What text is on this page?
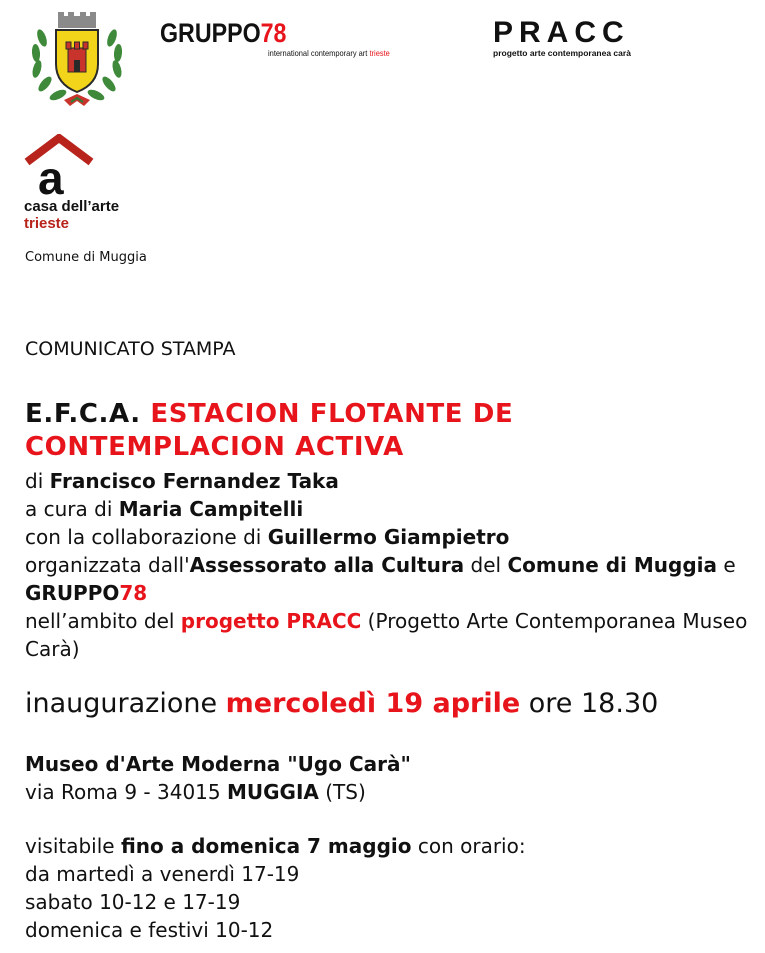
GRUPPO78
international contemporary art trieste
PRACC
progetto arte contemporanea carà
a
casa dell’arte
trieste
Comune di Muggia
COMUNICATO STAMPA
E.F.C.A. ESTACION FLOTANTE DE CONTEMPLACION ACTIVA

di Francisco Fernandez Taka

a cura di Maria Campitelli

con la collaborazione di Guillermo Giampietro

organizzata dall'Assessorato alla Cultura del Comune di Muggia e GRUPPO78

nell’ambito del progetto PRACC (Progetto Arte Contemporanea Museo Carà)

inaugurazione mercoledì 19 aprile ore 18.30

Museo d'Arte Moderna "Ugo Carà"

via Roma 9 - 34015 MUGGIA (TS)

visitabile fino a domenica 7 maggio con orario:

da martedì a venerdì 17-19

sabato 10-12 e 17-19

domenica e festivi 10-12
